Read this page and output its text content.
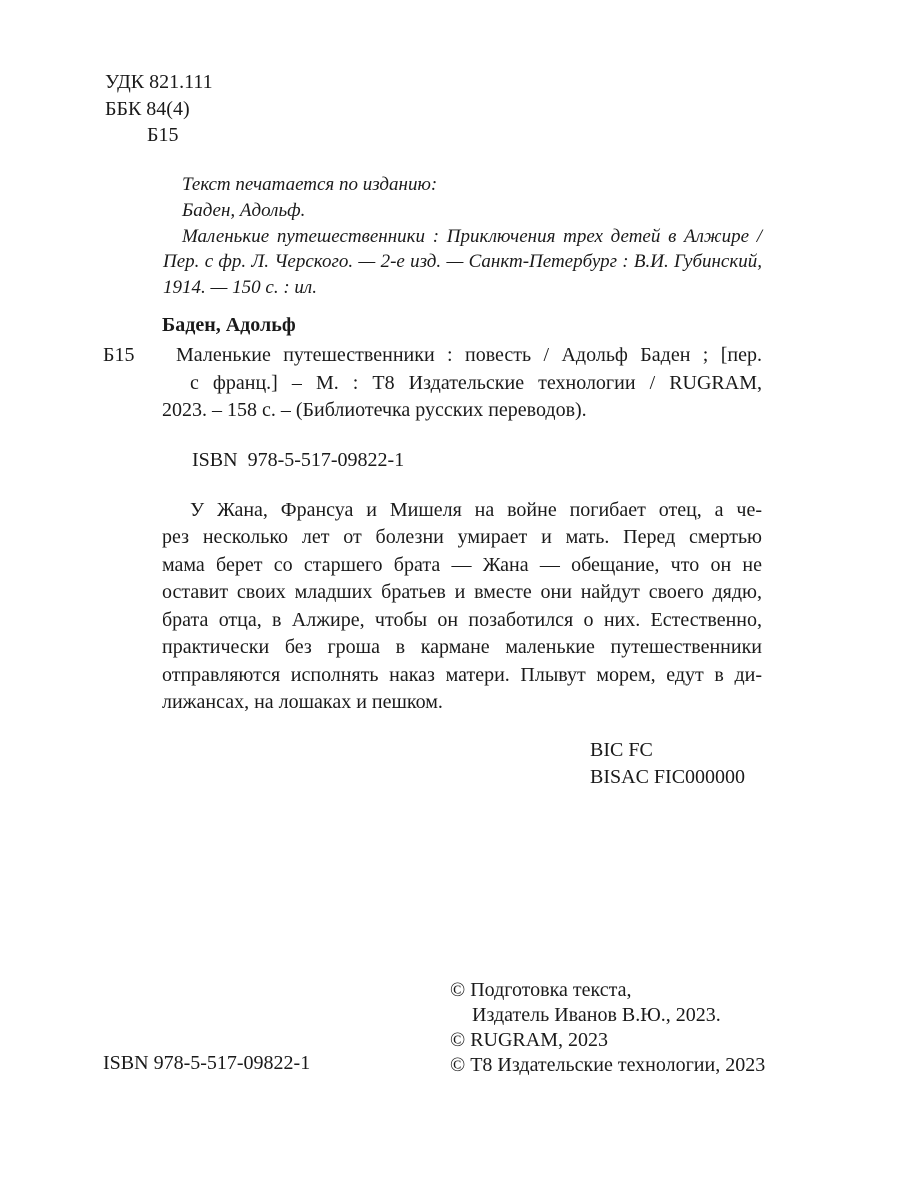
УДК 821.111
ББК 84(4)
Б15
Текст печатается по изданию:
Баден, Адольф.
Маленькие путешественники : Приключения трех детей в Алжире /
Пер. с фр. Л. Черского. — 2-е изд. — Санкт-Петербург : В.И. Губинский,
1914. — 150 с. : ил.
Баден, Адольф
Б15 Маленькие путешественники : повесть / Адольф Баден ; [пер.
с франц.] – М. : Т8 Издательские технологии / RUGRAM,
2023. – 158 с. – (Библиотечка русских переводов).
ISBN  978-5-517-09822-1
У Жана, Франсуа и Мишеля на войне погибает отец, а че-
рез несколько лет от болезни умирает и мать. Перед смертью
мама берет со старшего брата — Жана — обещание, что он не
оставит своих младших братьев и вместе они найдут своего дядю,
брата отца, в Алжире, чтобы он позаботился о них. Естественно,
практически без гроша в кармане маленькие путешественники
отправляются исполнять наказ матери. Плывут морем, едут в ди-
лижансах, на лошаках и пешком.
BIC FC
BISAC FIC000000
ISBN 978-5-517-09822-1
© Подготовка текста,
Издатель Иванов В.Ю., 2023.
© RUGRAM, 2023
© Т8 Издательские технологии, 2023
